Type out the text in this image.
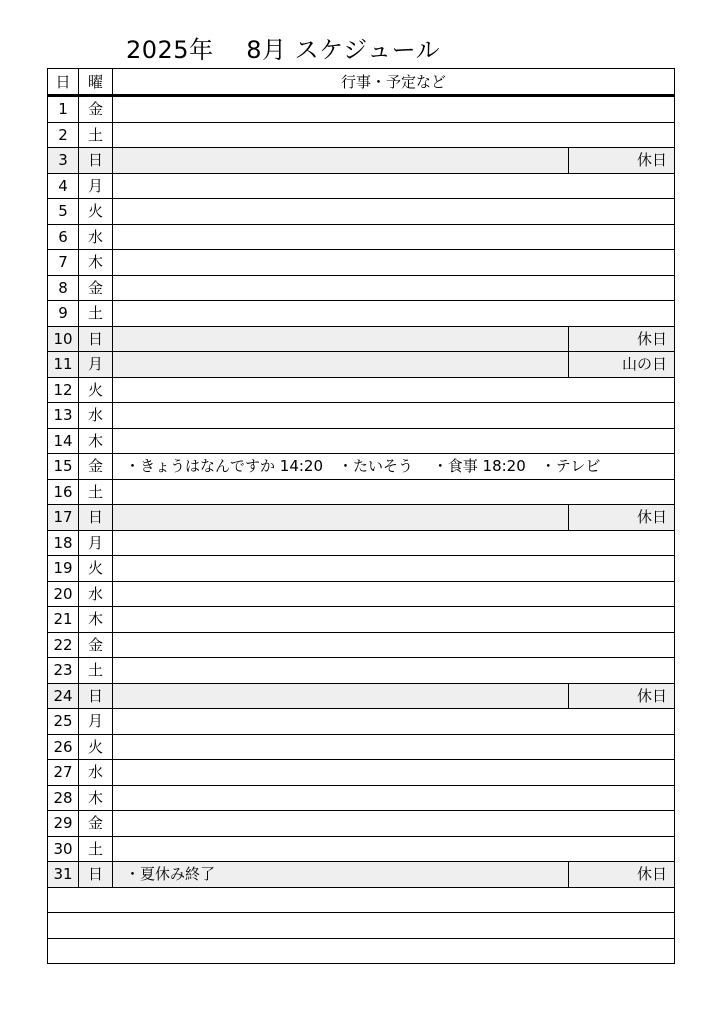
2025年　 8月 スケジュール
日	曜	行事・予定など	
1	金		
2	土		
3	日		休日
4	月		
5	火		
6	水		
7	木		
8	金		
9	土		
10	日		休日
11	月		山の日
12	火		
13	水		
14	木		
15	金	・きょうはなんですか 14:20　・たいそう　 ・食事 18:20　・テレビ	
16	土		
17	日		休日
18	月		
19	火		
20	水		
21	木		
22	金		
23	土		
24	日		休日
25	月		
26	火		
27	水		
28	木		
29	金		
30	土		
31	日	・夏休み終了	休日
